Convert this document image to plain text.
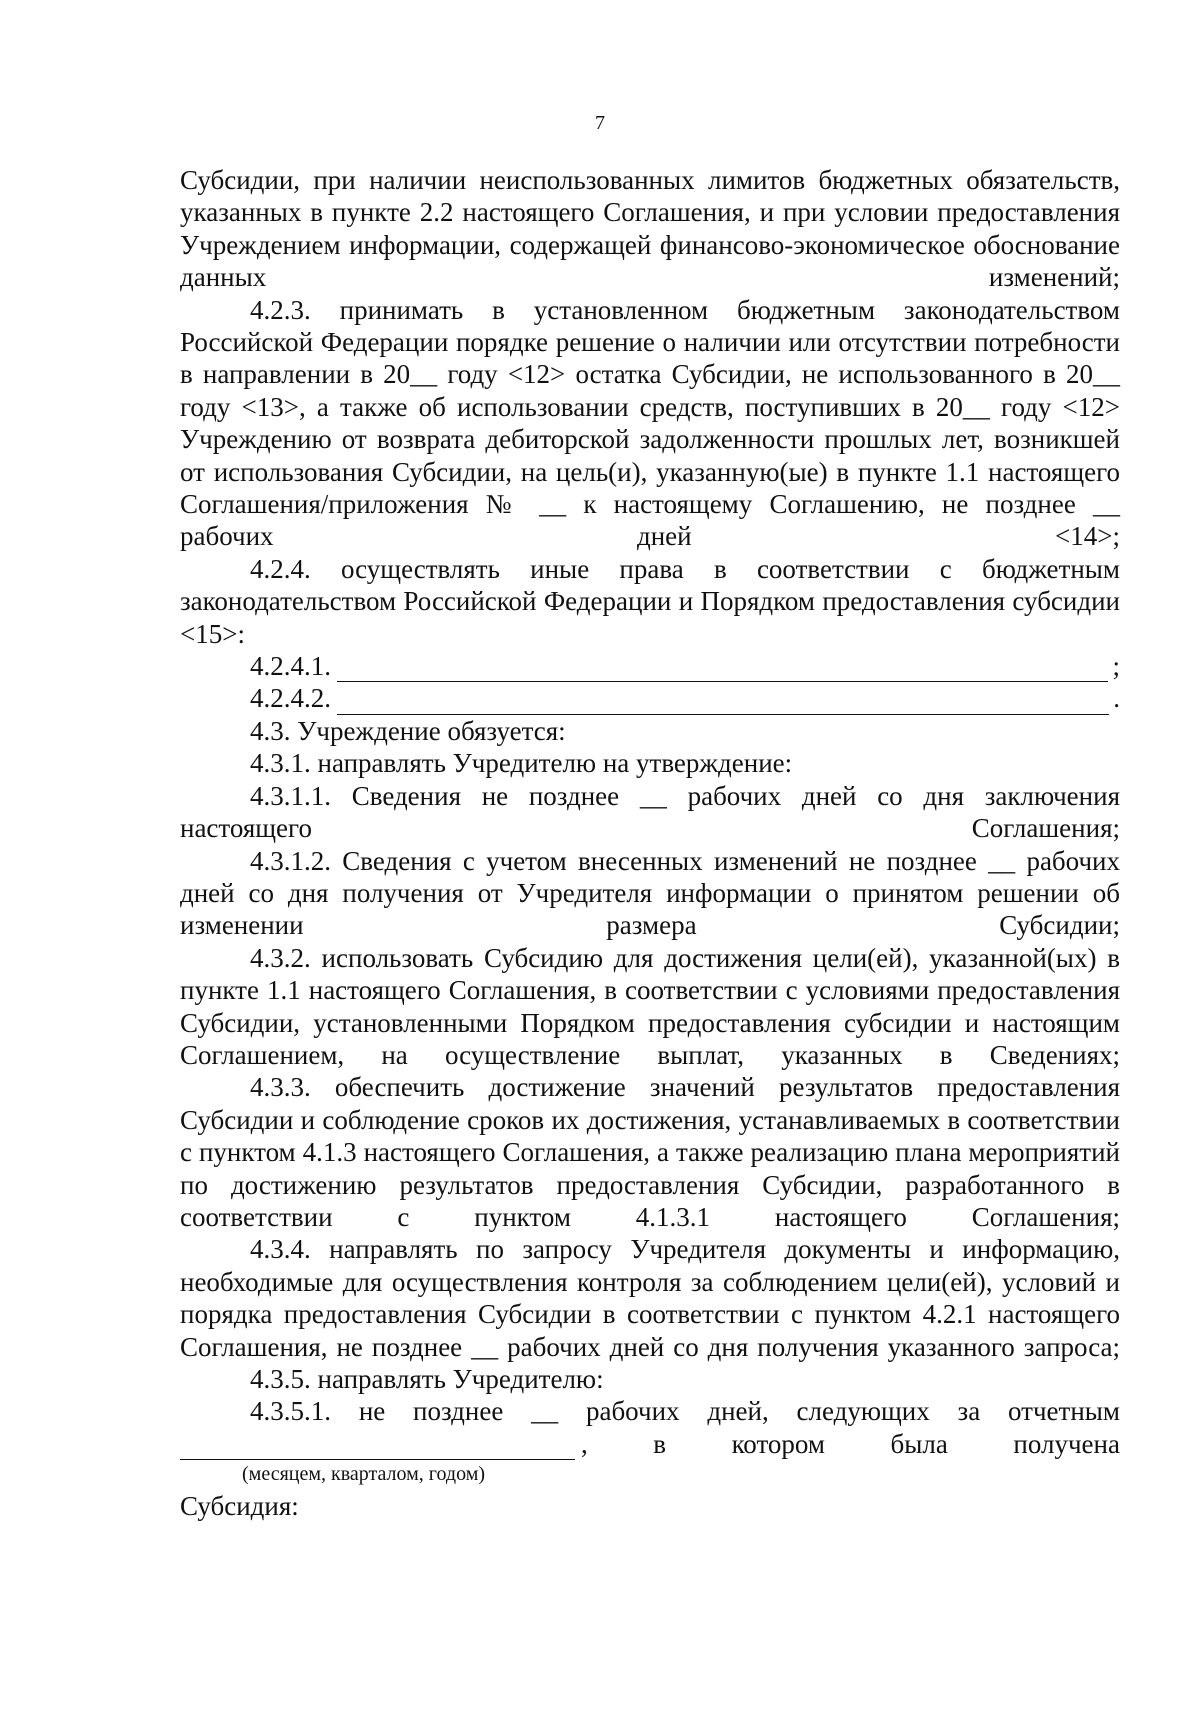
7

Субсидии, при наличии неиспользованных лимитов бюджетных обязательств, указанных в пункте 2.2 настоящего Соглашения, и при условии предоставления Учреждением информации, содержащей финансово-экономическое обоснование данных изменений;

4.2.3. принимать в установленном бюджетным законодательством Российской Федерации порядке решение о наличии или отсутствии потребности в направлении в 20__ году <12> остатка Субсидии, не использованного в 20__ году <13>, а также об использовании средств, поступивших в 20__ году <12> Учреждению от возврата дебиторской задолженности прошлых лет, возникшей от использования Субсидии, на цель(и), указанную(ые) в пункте 1.1 настоящего Соглашения/приложения № __ к настоящему Соглашению, не позднее __ рабочих дней <14>;

4.2.4. осуществлять иные права в соответствии с бюджетным законодательством Российской Федерации и Порядком предоставления субсидии <15>:

4.2.4.1.	;
4.2.4.2.	.

4.3. Учреждение обязуется:

4.3.1. направлять Учредителю на утверждение:

4.3.1.1. Сведения не позднее __ рабочих дней со дня заключения настоящего Соглашения;

4.3.1.2. Сведения с учетом внесенных изменений не позднее __ рабочих дней со дня получения от Учредителя информации о принятом решении об изменении размера Субсидии;

4.3.2. использовать Субсидию для достижения цели(ей), указанной(ых) в пункте 1.1 настоящего Соглашения, в соответствии с условиями предоставления Субсидии, установленными Порядком предоставления субсидии и настоящим Соглашением, на осуществление выплат, указанных в Сведениях;

4.3.3. обеспечить достижение значений результатов предоставления Субсидии и соблюдение сроков их достижения, устанавливаемых в соответствии с пунктом 4.1.3 настоящего Соглашения, а также реализацию плана мероприятий по достижению результатов предоставления Субсидии, разработанного в соответствии с пунктом 4.1.3.1 настоящего Соглашения;

4.3.4. направлять по запросу Учредителя документы и информацию, необходимые для осуществления контроля за соблюдением цели(ей), условий и порядка предоставления Субсидии в соответствии с пунктом 4.2.1 настоящего Соглашения, не позднее __ рабочих дней со дня получения указанного запроса;

4.3.5. направлять Учредителю:

4.3.5.1. не позднее __ рабочих дней, следующих за отчетным

, в котором была получена
(месяцем, кварталом, годом)

Субсидия:
